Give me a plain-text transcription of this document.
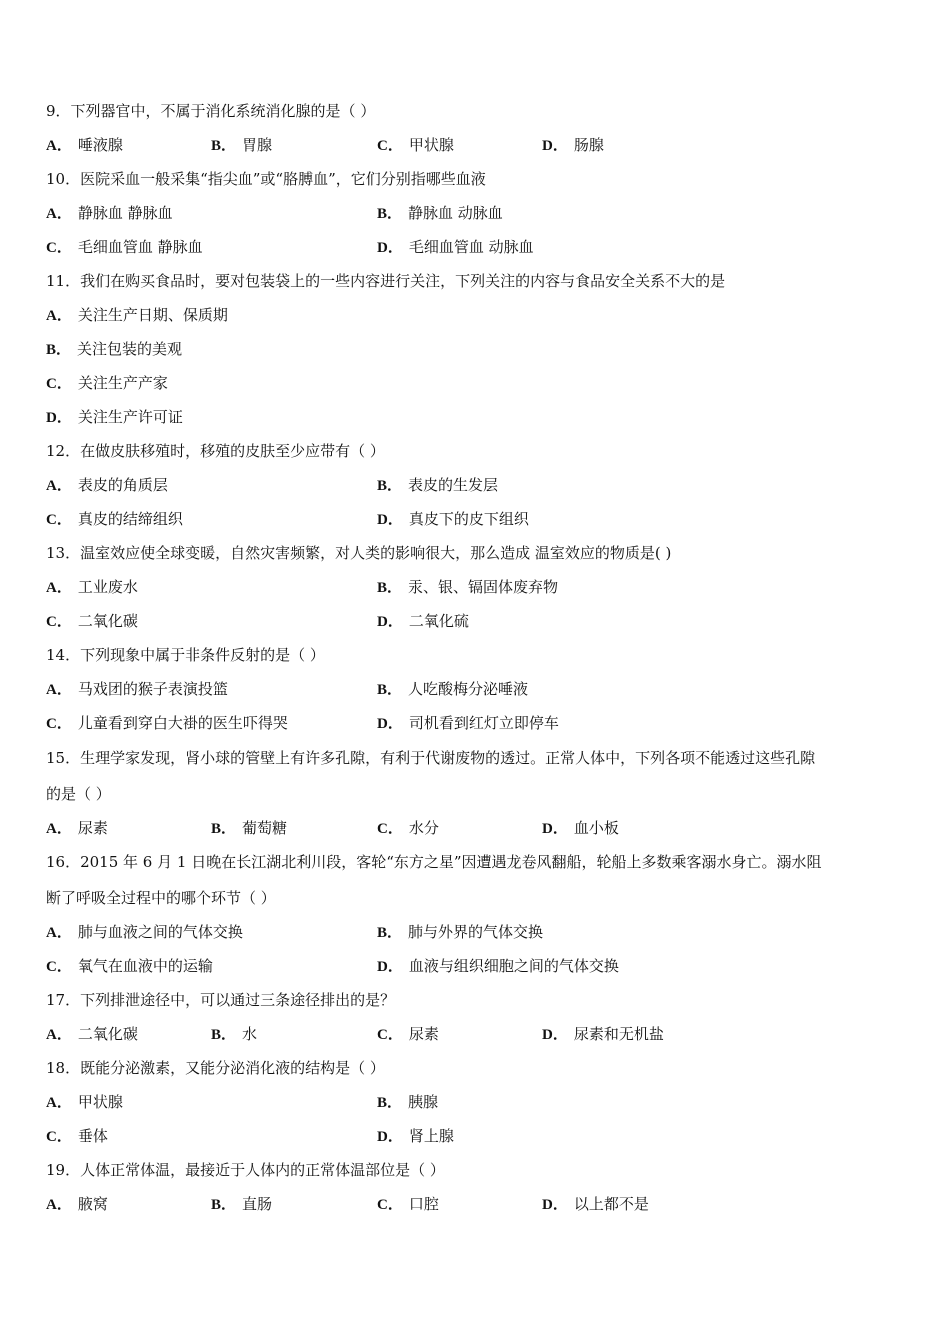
9．下列器官中，不属于消化系统消化腺的是（ ）
A． 唾液腺	B． 胃腺	C． 甲状腺	D． 肠腺
10．医院采血一般采集“指尖血”或“胳膊血”，它们分别指哪些血液
A． 静脉血 静脉血	B． 静脉血 动脉血
C． 毛细血管血 静脉血	D． 毛细血管血 动脉血
11．我们在购买食品时，要对包装袋上的一些内容进行关注，下列关注的内容与食品安全关系不大的是
A． 关注生产日期、保质期
B． 关注包装的美观
C． 关注生产产家
D． 关注生产许可证
12．在做皮肤移殖时，移殖的皮肤至少应带有（ ）
A． 表皮的角质层	B． 表皮的生发层
C． 真皮的结缔组织	D． 真皮下的皮下组织
13．温室效应使全球变暖，自然灾害频繁，对人类的影响很大，那么造成 温室效应的物质是( )
A． 工业废水	B． 汞、银、镉固体废弃物
C． 二氧化碳	D． 二氧化硫
14．下列现象中属于非条件反射的是（ ）
A． 马戏团的猴子表演投篮	B． 人吃酸梅分泌唾液
C． 儿童看到穿白大褂的医生吓得哭	D． 司机看到红灯立即停车
15．生理学家发现，肾小球的管壁上有许多孔隙，有利于代谢废物的透过。正常人体中，下列各项不能透过这些孔隙
的是（ ）
A． 尿素	B． 葡萄糖	C． 水分	D． 血小板
16．2015 年 6 月 1 日晚在长江湖北利川段，客轮“东方之星”因遭遇龙卷风翻船，轮船上多数乘客溺水身亡。溺水阻
断了呼吸全过程中的哪个环节（ ）
A． 肺与血液之间的气体交换	B． 肺与外界的气体交换
C． 氧气在血液中的运输	D． 血液与组织细胞之间的气体交换
17．下列排泄途径中，可以通过三条途径排出的是？
A． 二氧化碳	B． 水	C． 尿素	D． 尿素和无机盐
18．既能分泌激素，又能分泌消化液的结构是（ ）
A． 甲状腺	B． 胰腺
C． 垂体	D． 肾上腺
19．人体正常体温，最接近于人体内的正常体温部位是（ ）
A． 腋窝	B． 直肠	C． 口腔	D． 以上都不是
